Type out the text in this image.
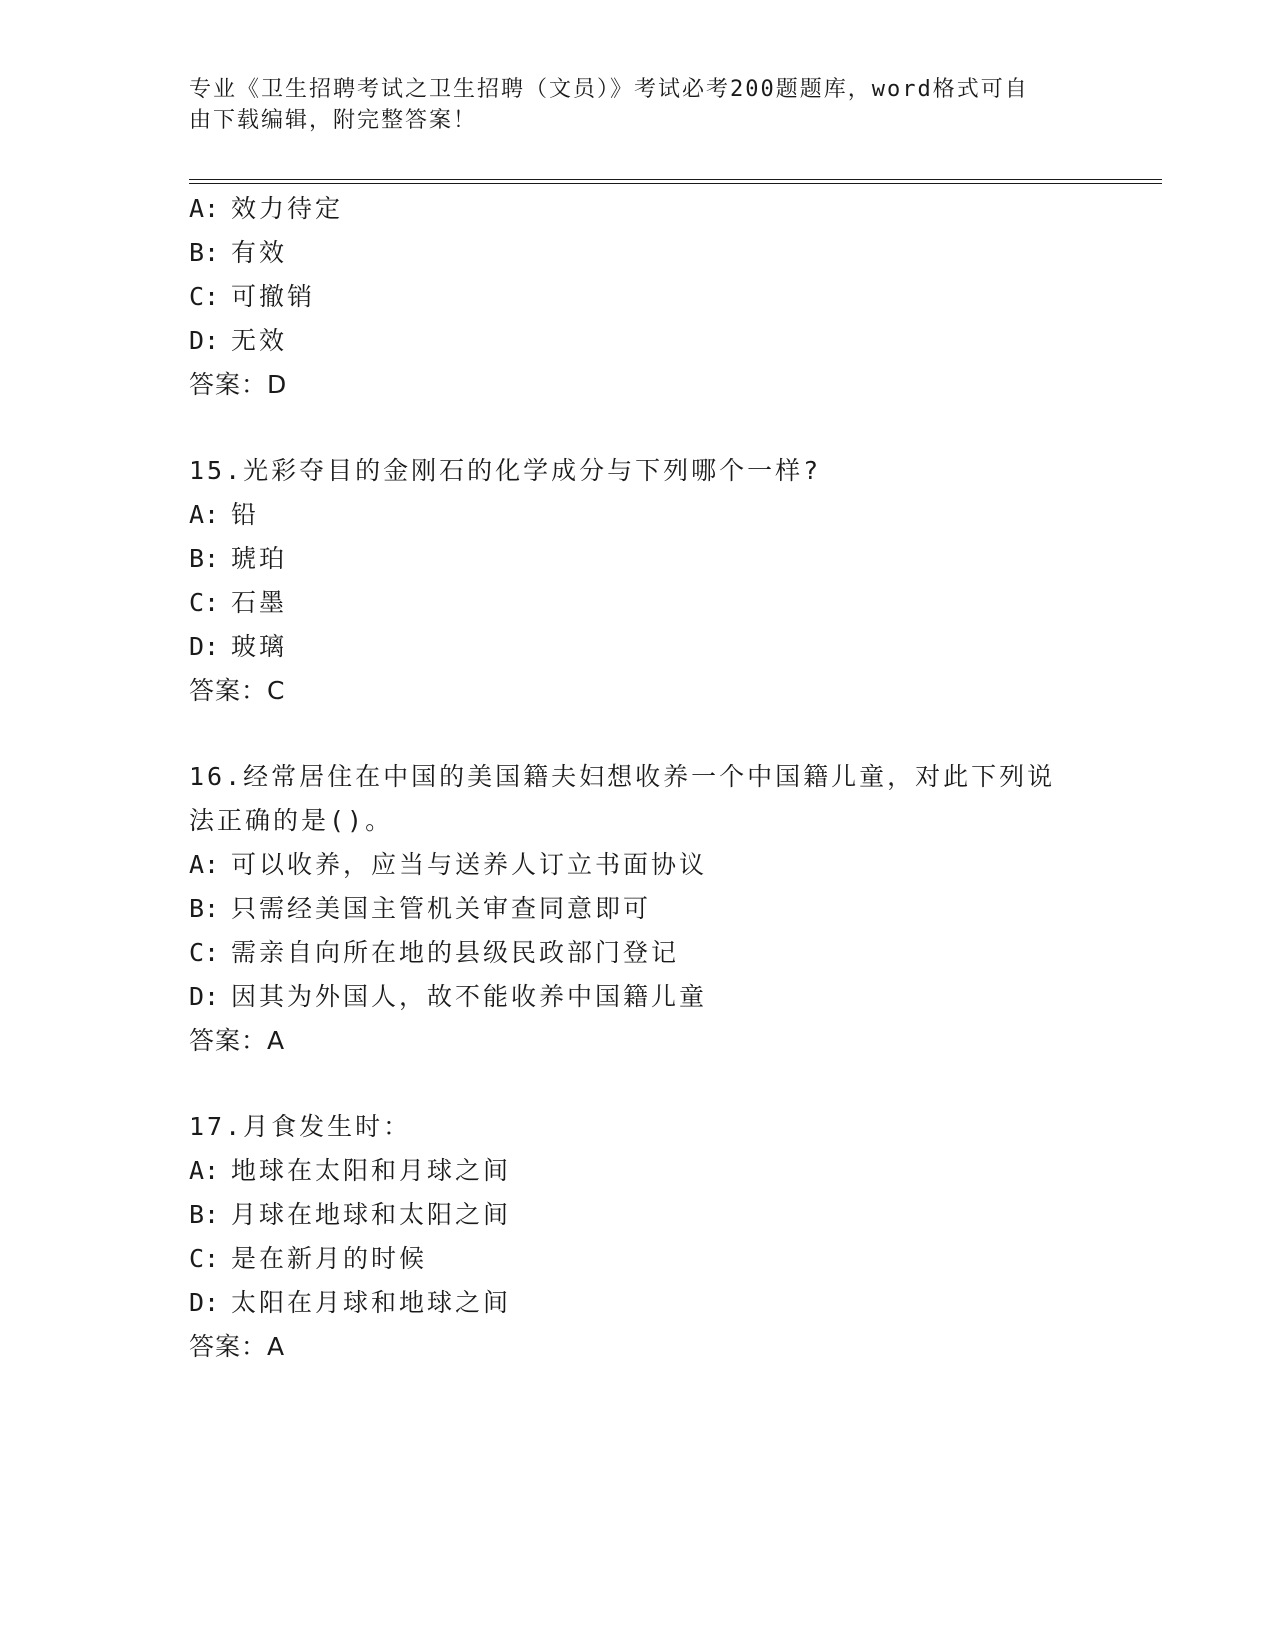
专业《卫生招聘考试之卫生招聘（文员）》考试必考200题题库，word格式可自
由下载编辑，附完整答案！
A: 效力待定
B: 有效
C: 可撤销
D: 无效
答案：D
15.光彩夺目的金刚石的化学成分与下列哪个一样?
A: 铅
B: 琥珀
C: 石墨
D: 玻璃
答案：C
16.经常居住在中国的美国籍夫妇想收养一个中国籍儿童，对此下列说
法正确的是()。
A: 可以收养，应当与送养人订立书面协议
B: 只需经美国主管机关审查同意即可
C: 需亲自向所在地的县级民政部门登记
D: 因其为外国人，故不能收养中国籍儿童
答案：A
17.月食发生时：
A: 地球在太阳和月球之间
B: 月球在地球和太阳之间
C: 是在新月的时候
D: 太阳在月球和地球之间
答案：A
